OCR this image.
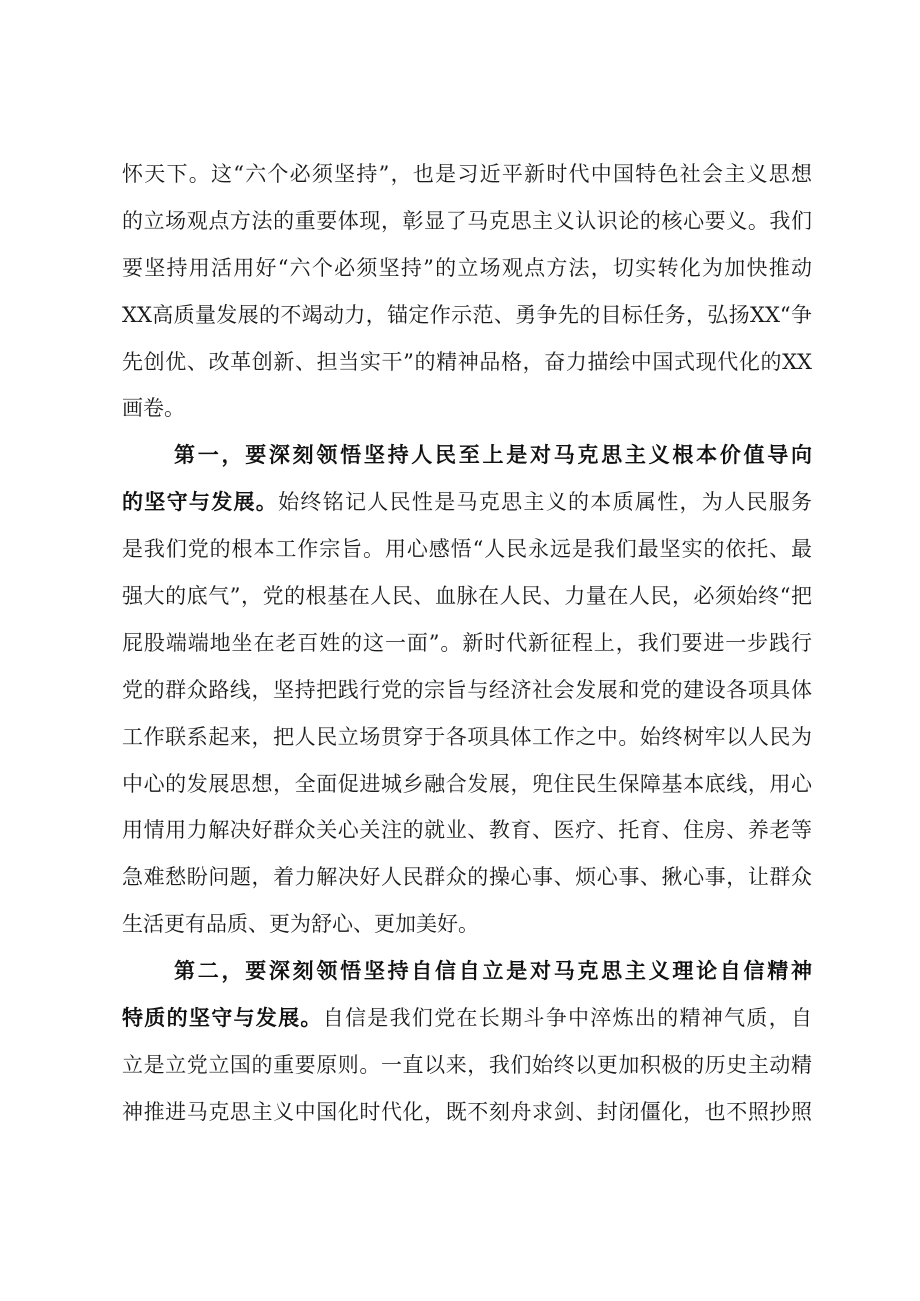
怀天下。这“六个必须坚持”，也是习近平新时代中国特色社会主义思想
的立场观点方法的重要体现，彰显了马克思主义认识论的核心要义。我们
要坚持用活用好“六个必须坚持”的立场观点方法，切实转化为加快推动
XX高质量发展的不竭动力，锚定作示范、勇争先的目标任务，弘扬XX“争
先创优、改革创新、担当实干”的精神品格，奋力描绘中国式现代化的XX
画卷。
第一，要深刻领悟坚持人民至上是对马克思主义根本价值导向
的坚守与发展。始终铭记人民性是马克思主义的本质属性，为人民服务
是我们党的根本工作宗旨。用心感悟“人民永远是我们最坚实的依托、最
强大的底气”，党的根基在人民、血脉在人民、力量在人民，必须始终“把
屁股端端地坐在老百姓的这一面”。新时代新征程上，我们要进一步践行
党的群众路线，坚持把践行党的宗旨与经济社会发展和党的建设各项具体
工作联系起来，把人民立场贯穿于各项具体工作之中。始终树牢以人民为
中心的发展思想，全面促进城乡融合发展，兜住民生保障基本底线，用心
用情用力解决好群众关心关注的就业、教育、医疗、托育、住房、养老等
急难愁盼问题，着力解决好人民群众的操心事、烦心事、揪心事，让群众
生活更有品质、更为舒心、更加美好。
第二，要深刻领悟坚持自信自立是对马克思主义理论自信精神
特质的坚守与发展。自信是我们党在长期斗争中淬炼出的精神气质，自
立是立党立国的重要原则。一直以来，我们始终以更加积极的历史主动精
神推进马克思主义中国化时代化，既不刻舟求剑、封闭僵化，也不照抄照
